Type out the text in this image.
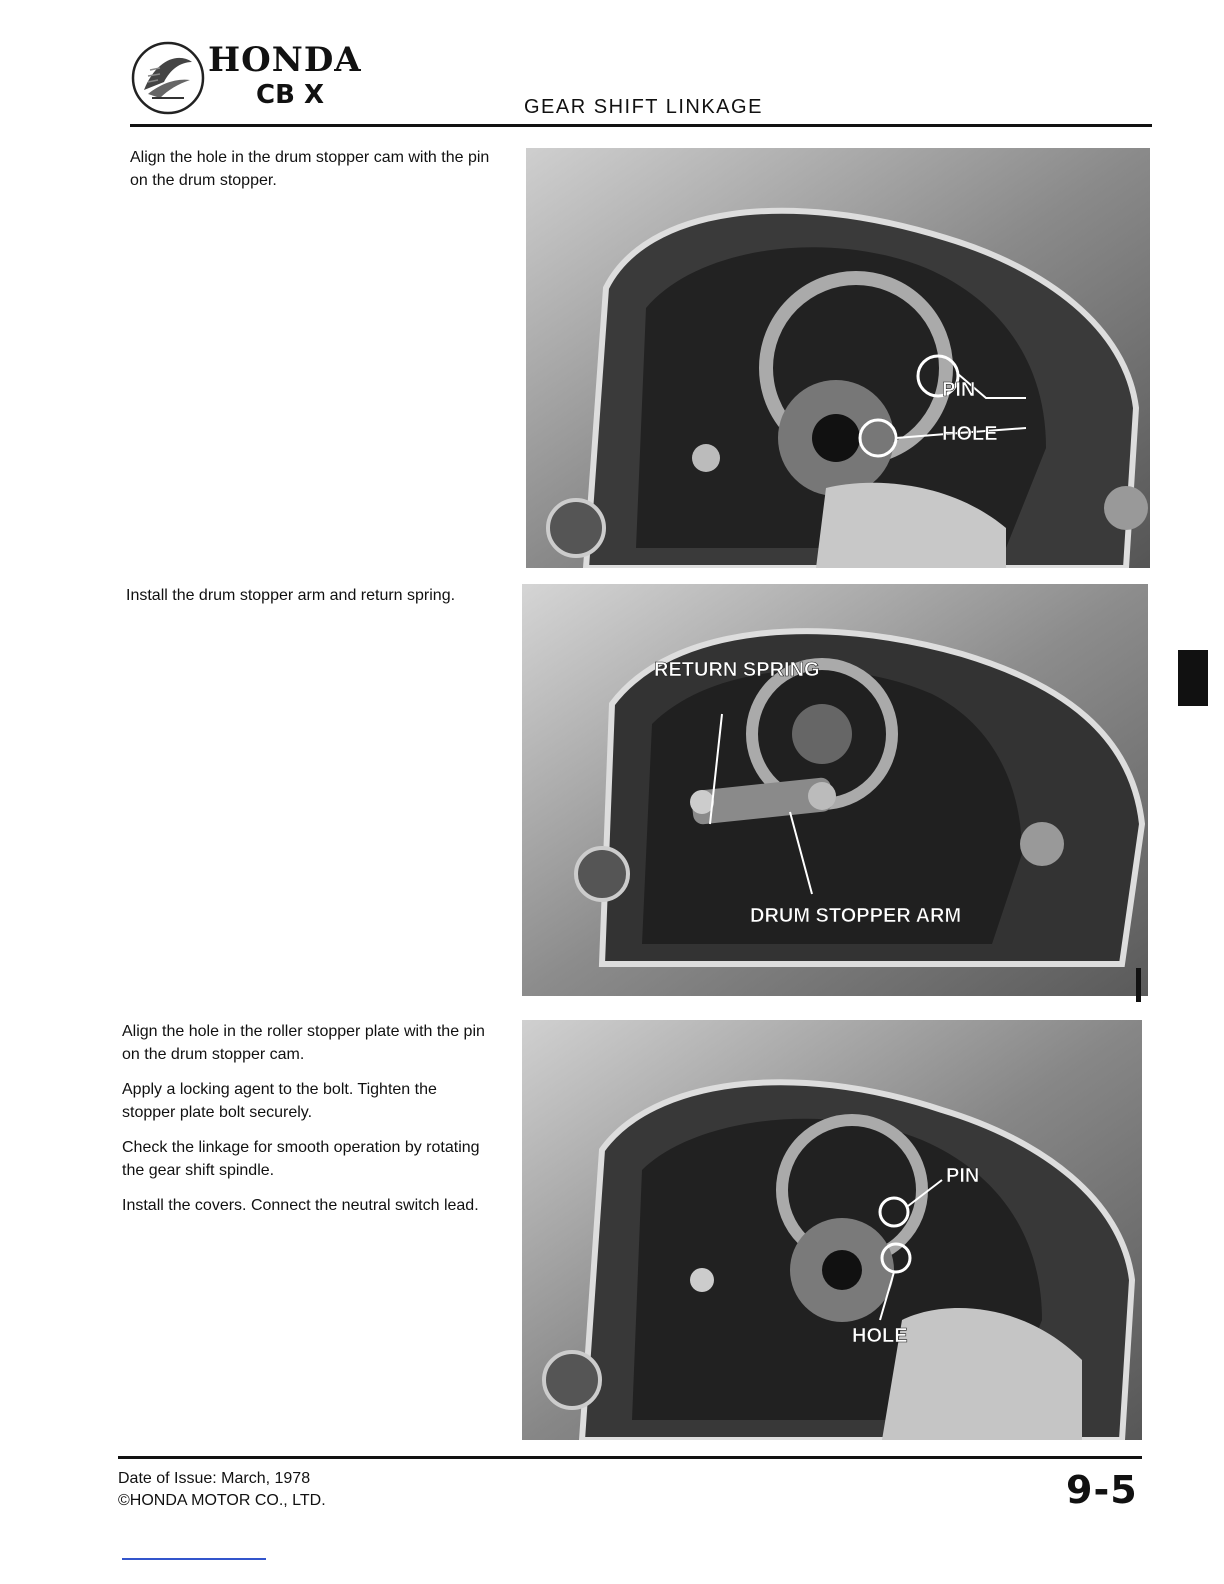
HONDA
CB X	GEAR SHIFT LINKAGE

Align the hole in the drum stopper cam with the pin on the drum stopper.

PIN
HOLE

Install the drum stopper arm and return spring.

RETURN SPRING
DRUM STOPPER ARM

Align the hole in the roller stopper plate with the pin on the drum stopper cam.

Apply a locking agent to the bolt. Tighten the stopper plate bolt securely.

Check the linkage for smooth operation by rotating the gear shift spindle.

Install the covers. Connect the neutral switch lead.

PIN
HOLE
Date of Issue: March, 1978
©HONDA MOTOR CO., LTD.	9-5
